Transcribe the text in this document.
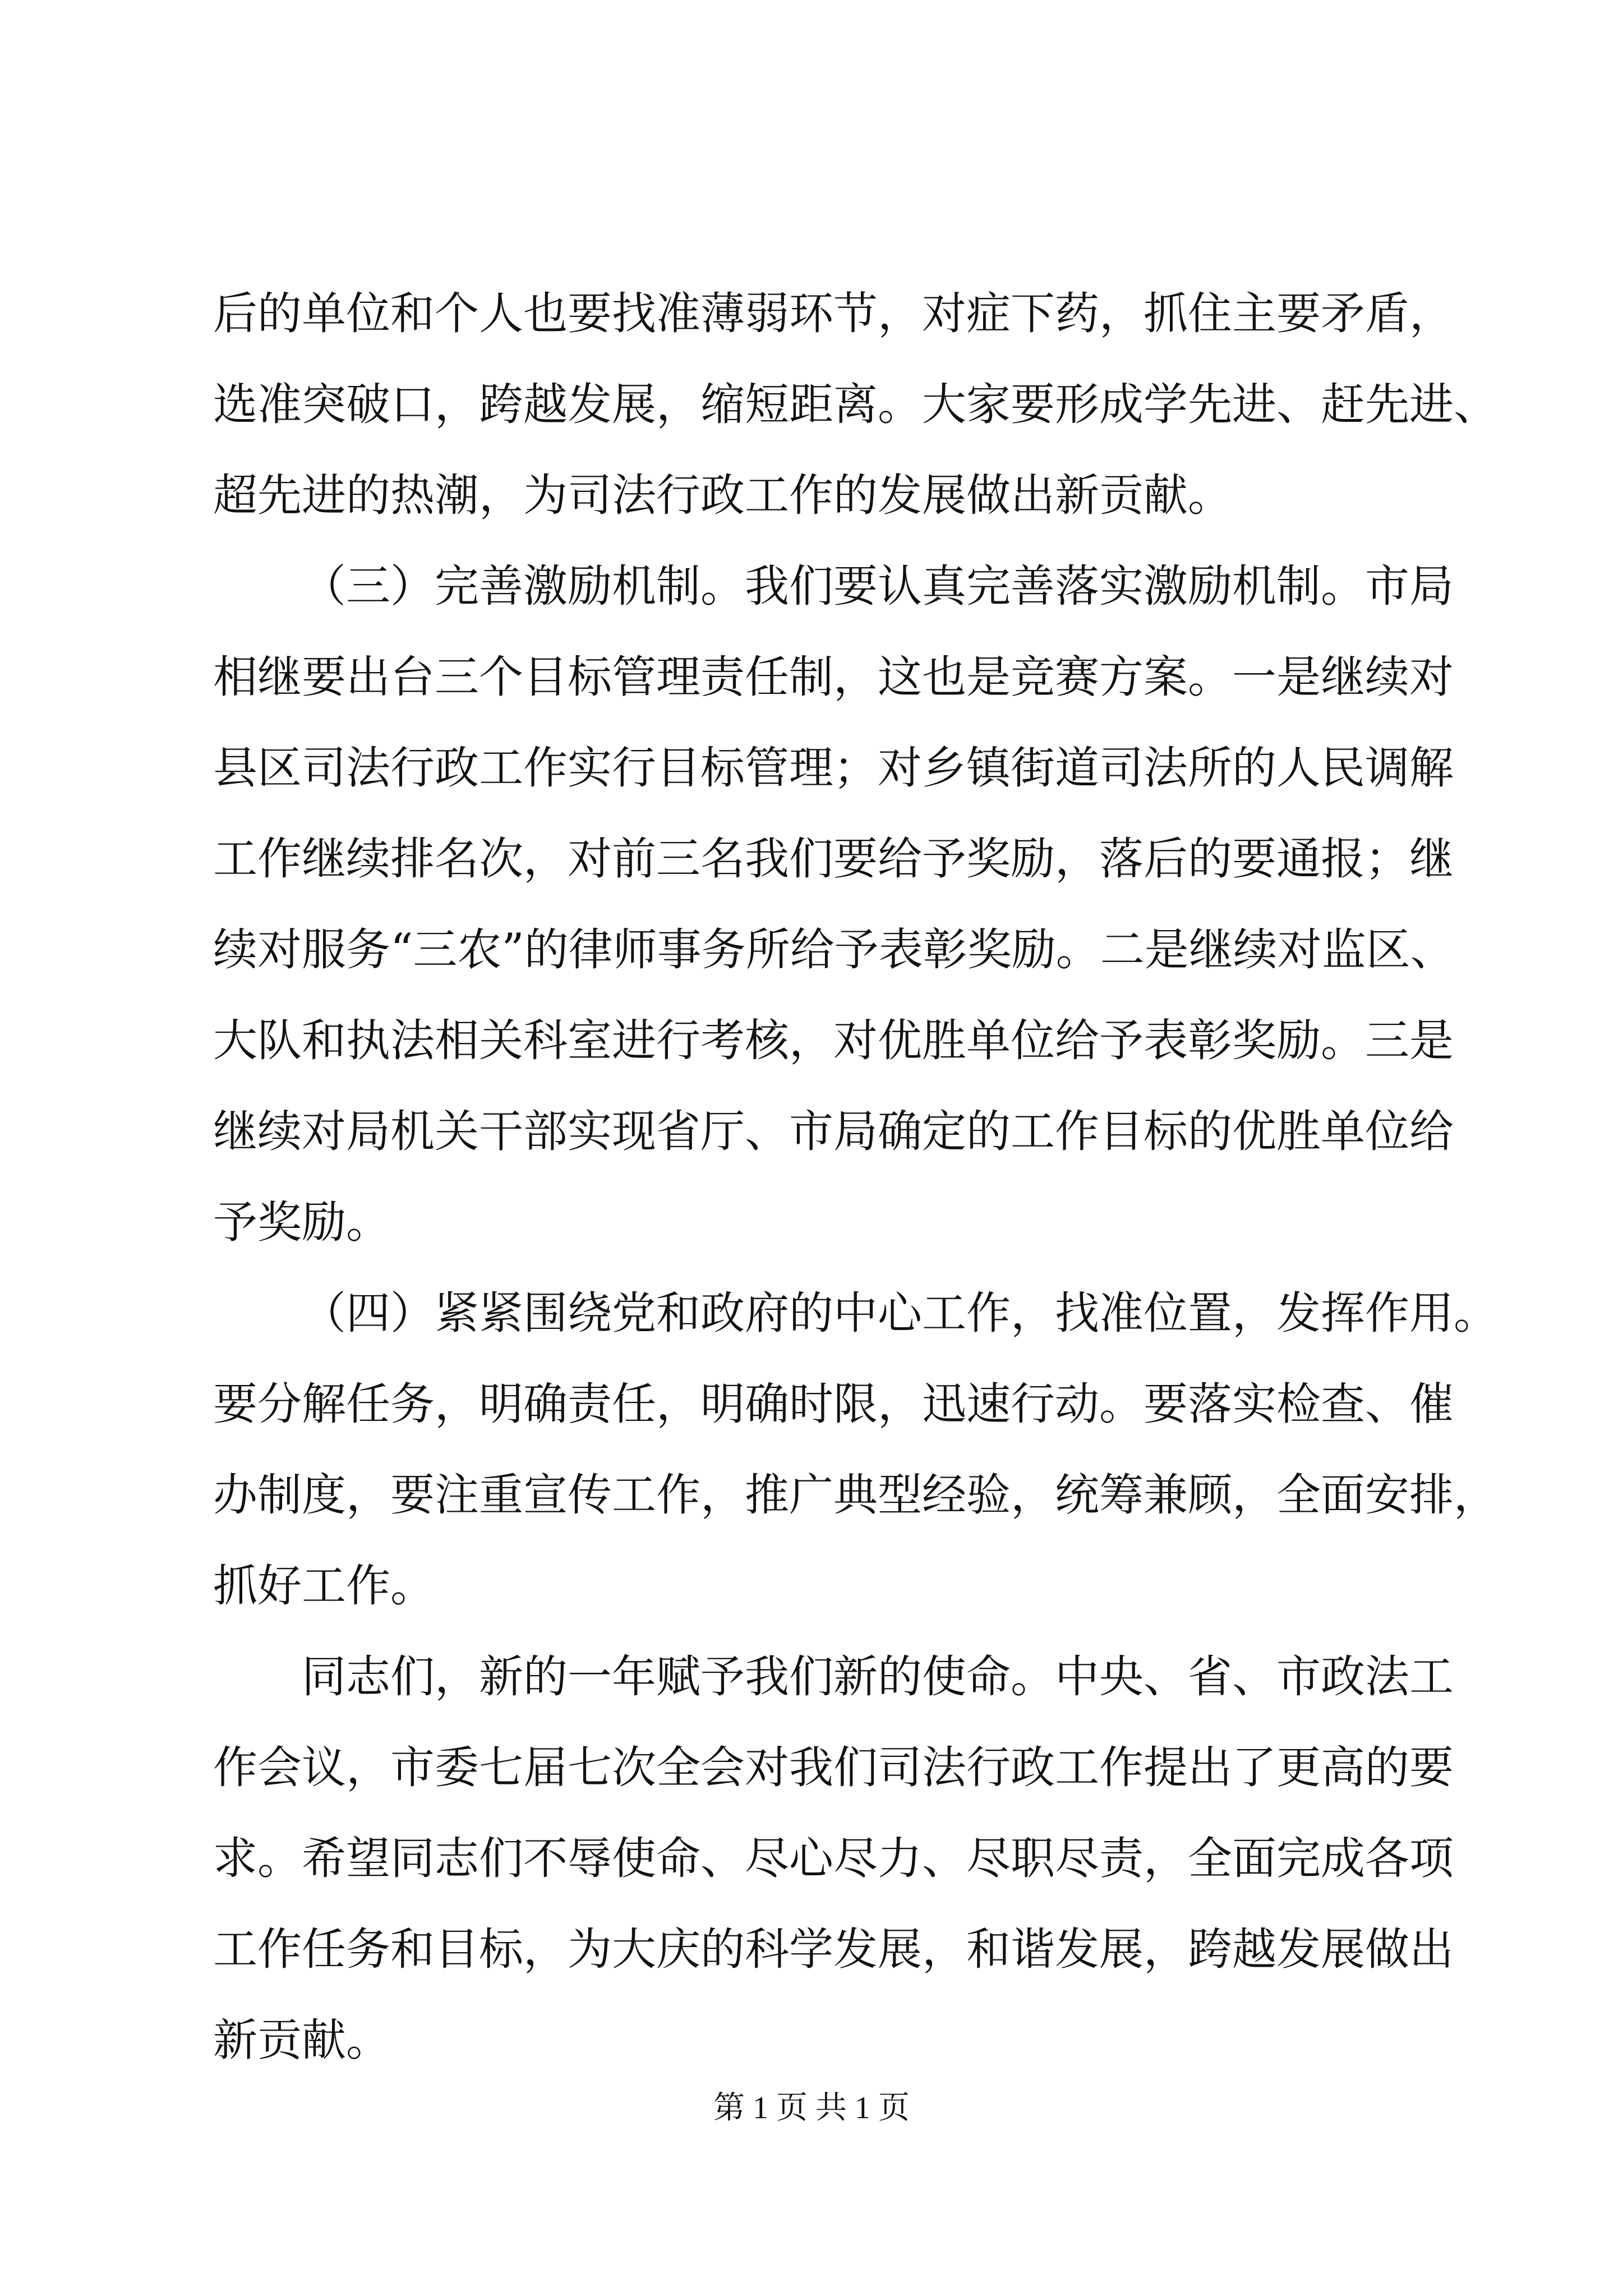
后的单位和个人也要找准薄弱环节，对症下药，抓住主要矛盾，
选准突破口，跨越发展，缩短距离。大家要形成学先进、赶先进、
超先进的热潮，为司法行政工作的发展做出新贡献。
（三）完善激励机制。我们要认真完善落实激励机制。市局
相继要出台三个目标管理责任制，这也是竞赛方案。一是继续对
县区司法行政工作实行目标管理；对乡镇街道司法所的人民调解
工作继续排名次，对前三名我们要给予奖励，落后的要通报；继
续对服务“三农”的律师事务所给予表彰奖励。二是继续对监区、
大队和执法相关科室进行考核，对优胜单位给予表彰奖励。三是
继续对局机关干部实现省厅、市局确定的工作目标的优胜单位给
予奖励。
（四）紧紧围绕党和政府的中心工作，找准位置，发挥作用。
要分解任务，明确责任，明确时限，迅速行动。要落实检查、催
办制度，要注重宣传工作，推广典型经验，统筹兼顾，全面安排，
抓好工作。
同志们，新的一年赋予我们新的使命。中央、省、市政法工
作会议，市委七届七次全会对我们司法行政工作提出了更高的要
求。希望同志们不辱使命、尽心尽力、尽职尽责，全面完成各项
工作任务和目标，为大庆的科学发展，和谐发展，跨越发展做出
新贡献。
第 1 页 共 1 页
